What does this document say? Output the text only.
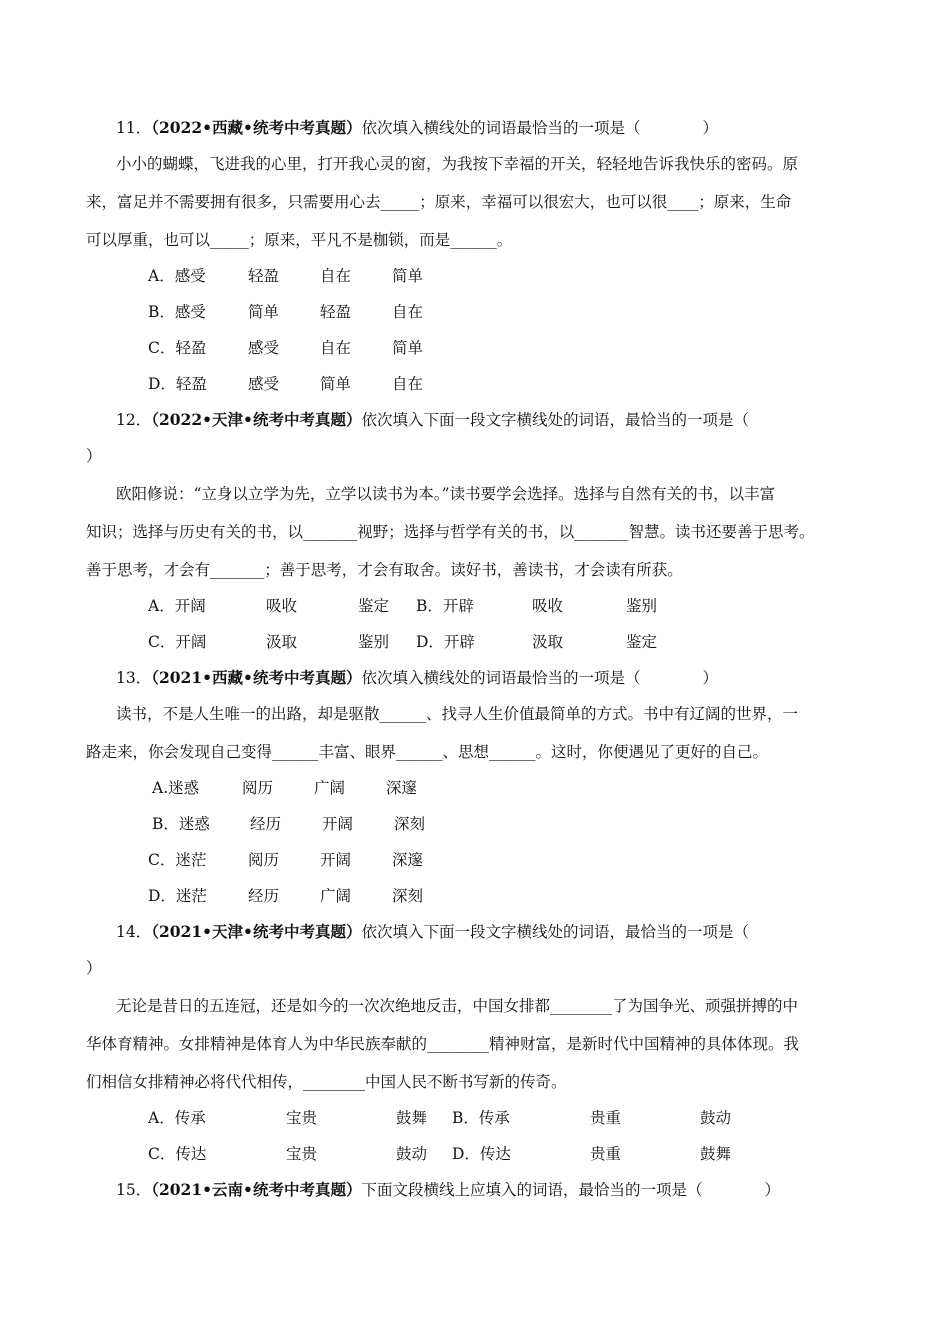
11．（2022•西藏•统考中考真题）依次填入横线处的词语最恰当的一项是（　　　　）
小小的蝴蝶，飞进我的心里，打开我心灵的窗，为我按下幸福的开关，轻轻地告诉我快乐的密码。原
来，富足并不需要拥有很多，只需要用心去_____；原来，幸福可以很宏大，也可以很____；原来，生命
可以厚重，也可以_____；原来，平凡不是枷锁，而是______。
A．感受	轻盈	自在	简单
B．感受	简单	轻盈	自在
C．轻盈	感受	自在	简单
D．轻盈	感受	简单	自在
12．（2022•天津•统考中考真题）依次填入下面一段文字横线处的词语，最恰当的一项是（
）
欧阳修说：“立身以立学为先，立学以读书为本。”读书要学会选择。选择与自然有关的书，以丰富
知识；选择与历史有关的书，以_______视野；选择与哲学有关的书，以_______智慧。读书还要善于思考。
善于思考，才会有_______；善于思考，才会有取舍。读好书，善读书，才会读有所获。
A．开阔	吸收	鉴定 B．开辟	吸收	鉴别
C．开阔	汲取	鉴别 D．开辟	汲取	鉴定
13．（2021•西藏•统考中考真题）依次填入横线处的词语最恰当的一项是（　　　　）
读书，不是人生唯一的出路，却是驱散______、找寻人生价值最简单的方式。书中有辽阔的世界，一
路走来，你会发现自己变得______丰富、眼界______、思想______。这时，你便遇见了更好的自己。
A.迷惑	阅历	广阔	深邃
B．迷惑	经历	开阔	深刻
C．迷茫	阅历	开阔	深邃
D．迷茫	经历	广阔	深刻
14．（2021•天津•统考中考真题）依次填入下面一段文字横线处的词语，最恰当的一项是（
）
无论是昔日的五连冠，还是如今的一次次绝地反击，中国女排都________了为国争光、顽强拼搏的中
华体育精神。女排精神是体育人为中华民族奉献的________精神财富，是新时代中国精神的具体体现。我
们相信女排精神必将代代相传，________中国人民不断书写新的传奇。
A．传承	宝贵	鼓舞 B．传承	贵重	鼓动
C．传达	宝贵	鼓动 D．传达	贵重	鼓舞
15．（2021•云南•统考中考真题）下面文段横线上应填入的词语，最恰当的一项是（　　　　）
